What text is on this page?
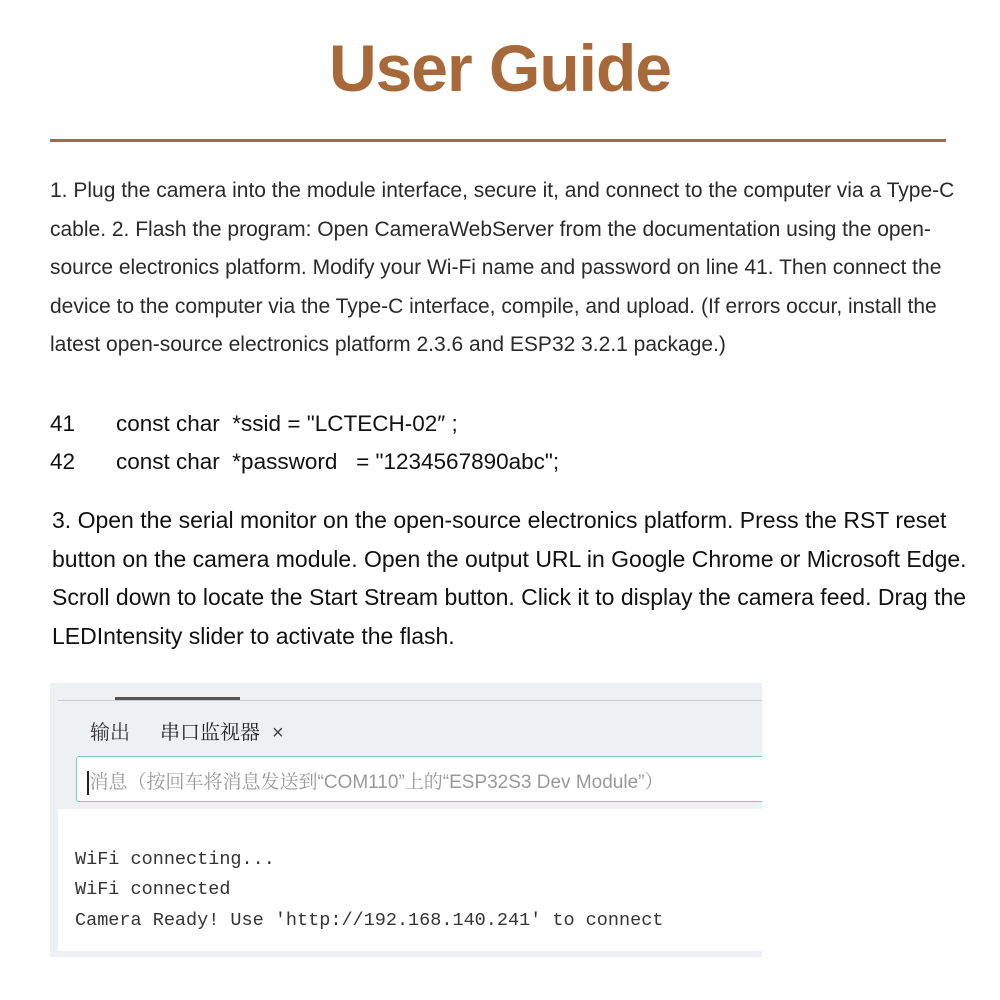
User Guide
1. Plug the camera into the module interface, secure it, and connect to the computer via a Type-C cable. 2. Flash the program: Open CameraWebServer from the documentation using the open-source electronics platform. Modify your Wi-Fi name and password on line 41. Then connect the device to the computer via the Type-C interface, compile, and upload. (If errors occur, install the latest open-source electronics platform 2.3.6 and ESP32 3.2.1 package.)
41 const char  *ssid = "LCTECH-02″ ;
42 const char  *password   = "1234567890abc";
3. Open the serial monitor on the open-source electronics platform. Press the RST reset button on the camera module. Open the output URL in Google Chrome or Microsoft Edge. Scroll down to locate the Start Stream button. Click it to display the camera feed. Drag the LEDIntensity slider to activate the flash.
输出 串口监视器 ×
消息（按回车将消息发送到“COM110”上的“ESP32S3 Dev Module”）
WiFi connecting...
WiFi connected
Camera Ready! Use 'http://192.168.140.241' to connect
